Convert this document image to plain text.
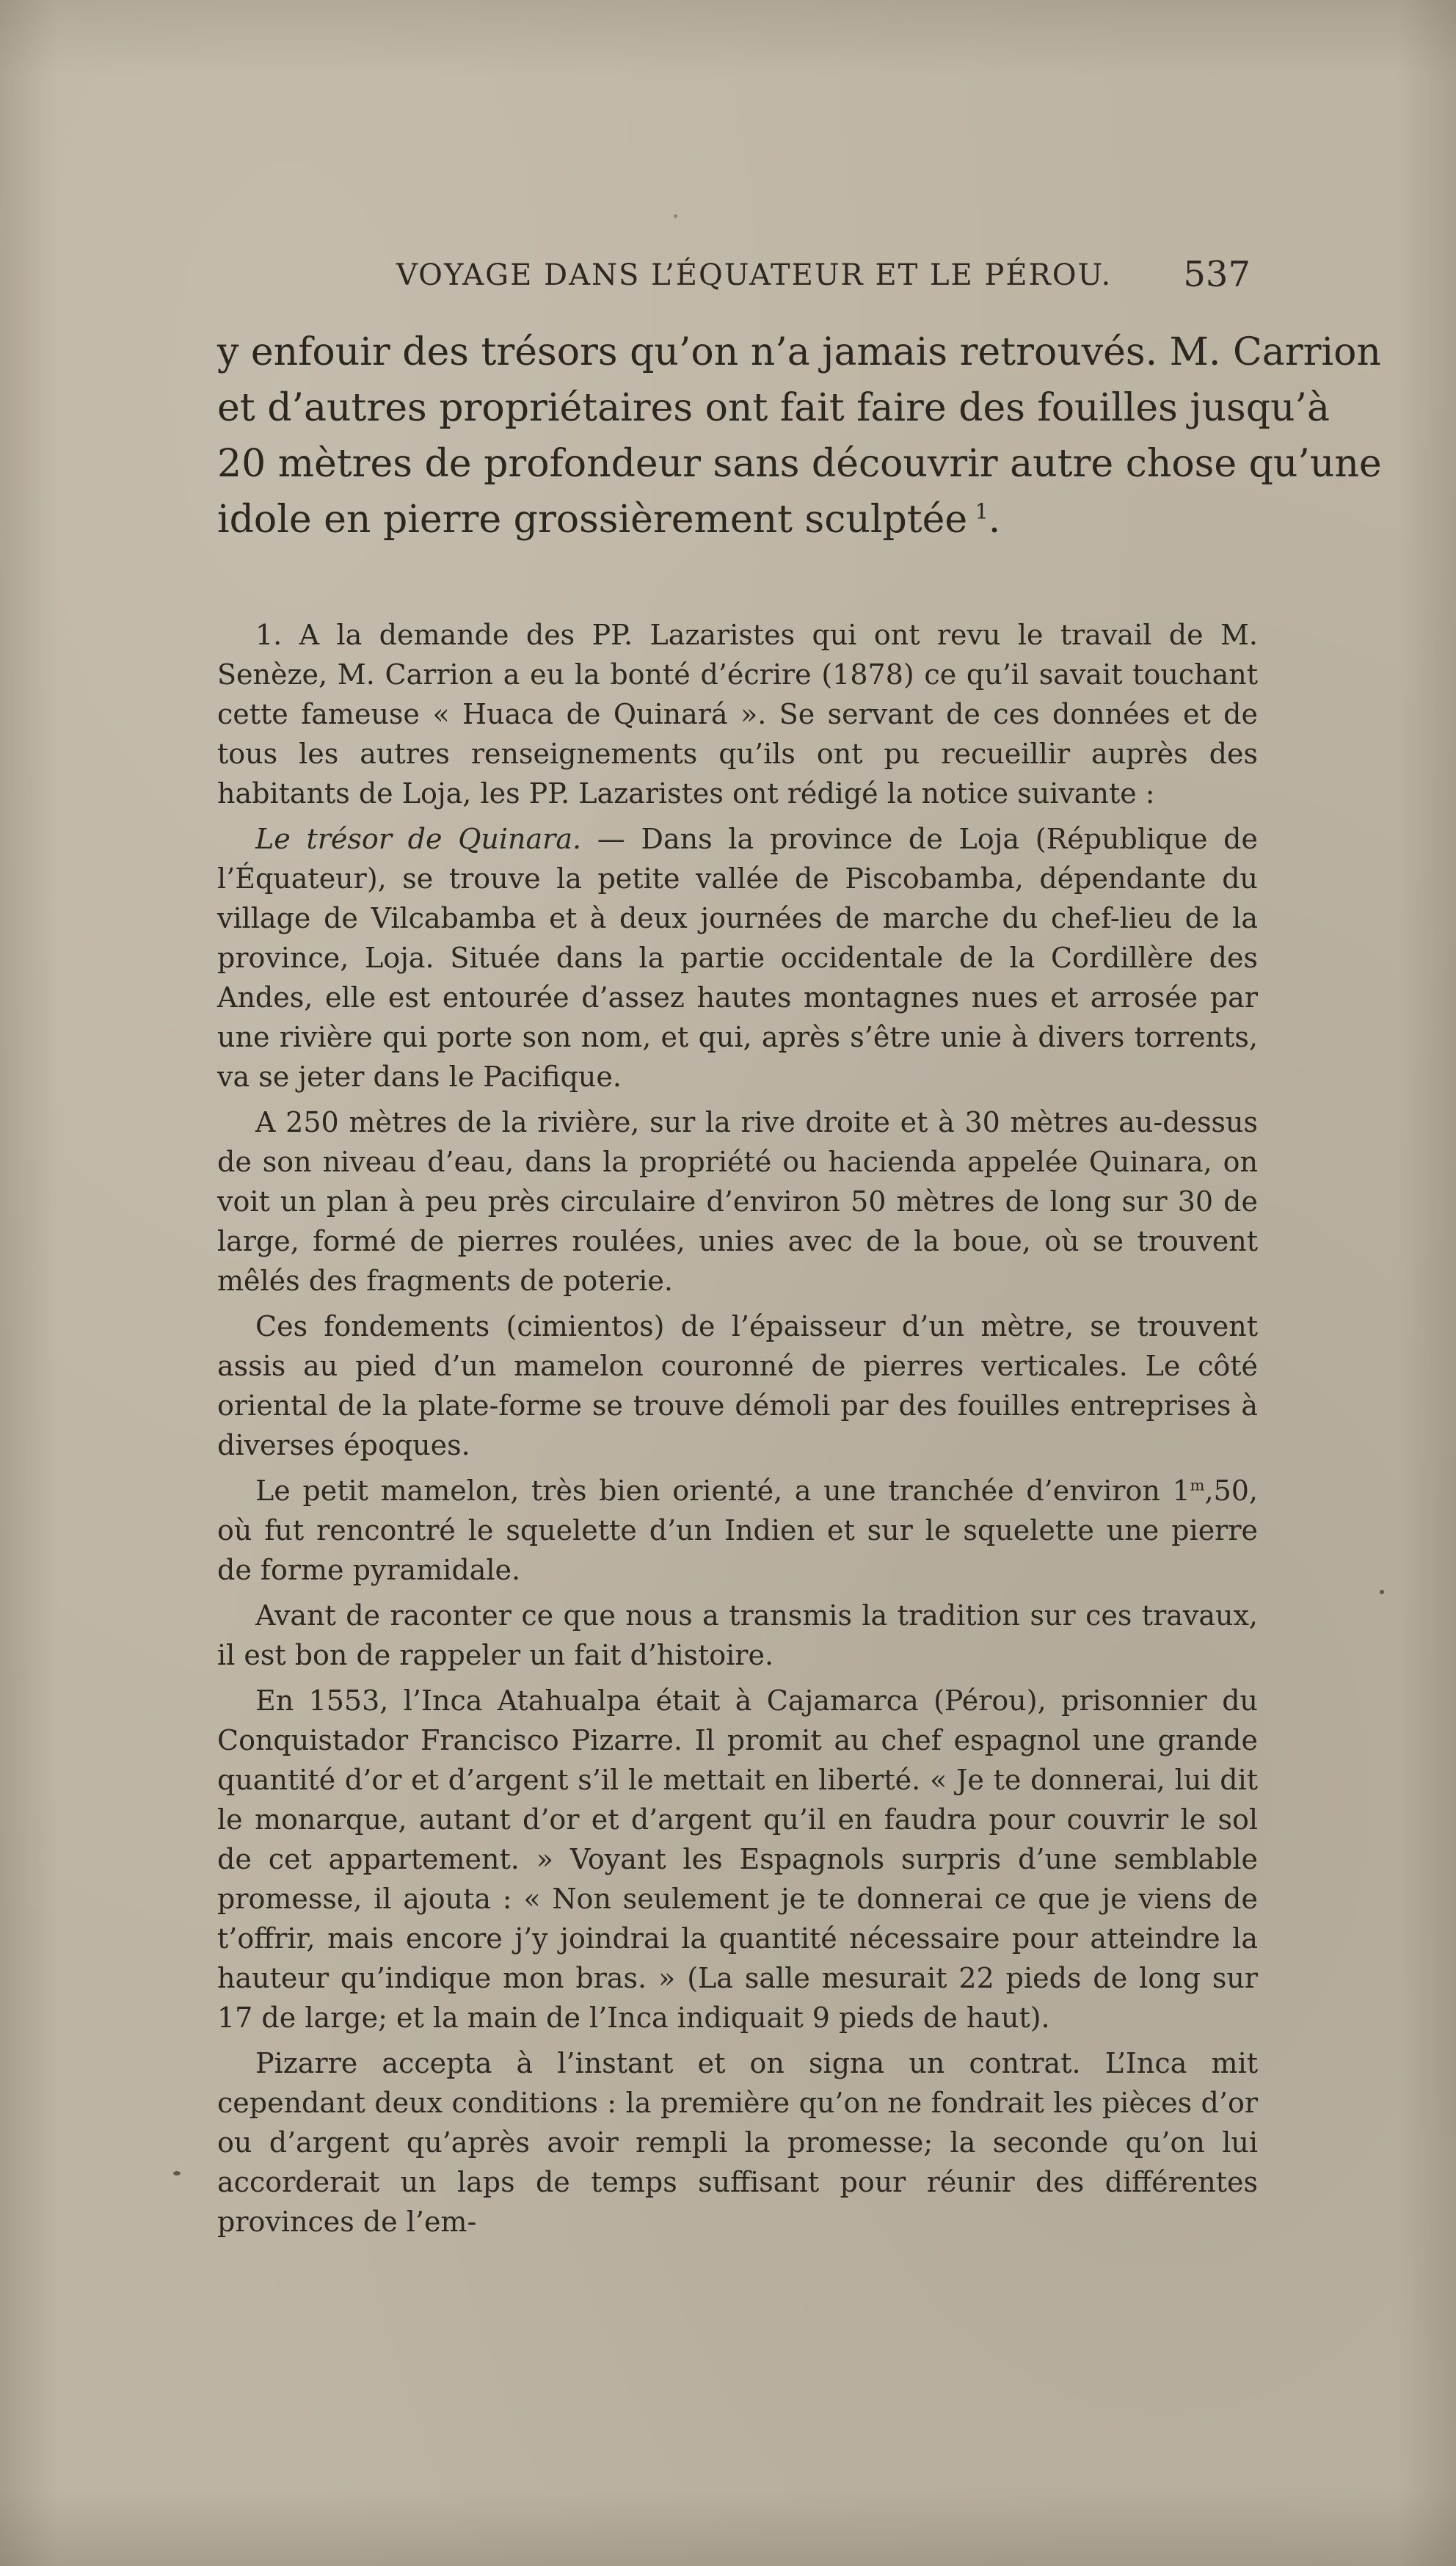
VOYAGE DANS L’ÉQUATEUR ET LE PÉROU. 537
y enfouir des trésors qu’on n’a jamais retrouvés. M. Carrion
et d’autres propriétaires ont fait faire des fouilles jusqu’à
20 mètres de profondeur sans découvrir autre chose qu’une
idole en pierre grossièrement sculptée  $^1$.

1. A la demande des PP. Lazaristes qui ont revu le travail de M. Senèze, M. Carrion a eu la bonté d’écrire (1878) ce qu’il savait touchant cette fameuse « Huaca de Quinará ». Se servant de ces données et de tous les autres renseignements qu’ils ont pu recueillir auprès des habitants de Loja, les PP. Lazaristes ont rédigé la notice suivante :

Le trésor de Quinara. — Dans la province de Loja (République de l’Équateur), se trouve la petite vallée de Piscobamba, dépendante du village de Vilcabamba et à deux journées de marche du chef-lieu de la province, Loja. Située dans la partie occidentale de la Cordillère des Andes, elle est entourée d’assez hautes montagnes nues et arrosée par une rivière qui porte son nom, et qui, après s’être unie à divers torrents, va se jeter dans le Pacifique.

A 250 mètres de la rivière, sur la rive droite et à 30 mètres au-dessus de son niveau d’eau, dans la propriété ou hacienda appelée Quinara, on voit un plan à peu près circulaire d’environ 50 mètres de long sur 30 de large, formé de pierres roulées, unies avec de la boue, où se trouvent mêlés des fragments de poterie.

Ces fondements (cimientos) de l’épaisseur d’un mètre, se trouvent assis au pied d’un mamelon couronné de pierres verticales. Le côté oriental de la plate-forme se trouve démoli par des fouilles entreprises à diverses époques.

Le petit mamelon, très bien orienté, a une tranchée d’environ 1$^m$,50, où fut rencontré le squelette d’un Indien et sur le squelette une pierre de forme pyramidale.

Avant de raconter ce que nous a transmis la tradition sur ces travaux, il est bon de rappeler un fait d’histoire.

En 1553, l’Inca Atahualpa était à Cajamarca (Pérou), prisonnier du Conquistador Francisco Pizarre. Il promit au chef espagnol une grande quantité d’or et d’argent s’il le mettait en liberté. « Je te donnerai, lui dit le monarque, autant d’or et d’argent qu’il en faudra pour couvrir le sol de cet appartement. » Voyant les Espagnols surpris d’une semblable promesse, il ajouta : « Non seulement je te donnerai ce que je viens de t’offrir, mais encore j’y joindrai la quantité nécessaire pour atteindre la hauteur qu’indique mon bras. » (La salle mesurait 22 pieds de long sur 17 de large; et la main de l’Inca indiquait 9 pieds de haut).

Pizarre accepta à l’instant et on signa un contrat. L’Inca mit cependant deux conditions : la première qu’on ne fondrait les pièces d’or ou d’argent qu’après avoir rempli la promesse; la seconde qu’on lui accorderait un laps de temps suffisant pour réunir des différentes provinces de l’em-
